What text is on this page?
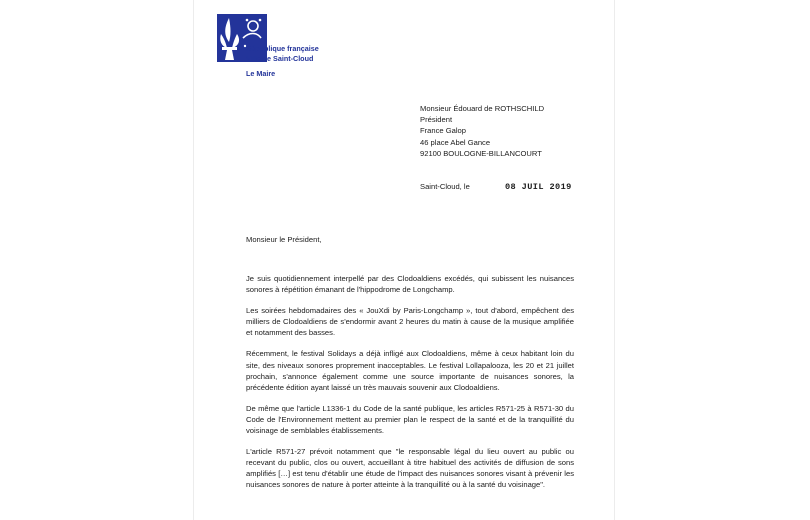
République française
Ville de Saint-Cloud
Le Maire
Monsieur Édouard de ROTHSCHILD
Président
France Galop
46 place Abel Gance
92100 BOULOGNE-BILLANCOURT
Saint-Cloud, le	08 JUIL 2019
Monsieur le Président,

Je suis quotidiennement interpellé par des Clodoaldiens excédés, qui subissent les nuisances sonores à répétition émanant de l'hippodrome de Longchamp.

Les soirées hebdomadaires des « JouXdi by Paris-Longchamp », tout d'abord, empêchent des milliers de Clodoaldiens de s'endormir avant 2 heures du matin à cause de la musique amplifiée et notamment des basses.

Récemment, le festival Solidays a déjà infligé aux Clodoaldiens, même à ceux habitant loin du site, des niveaux sonores proprement inacceptables. Le festival Lollapalooza, les 20 et 21 juillet prochain, s'annonce également comme une source importante de nuisances sonores, la précédente édition ayant laissé un très mauvais souvenir aux Clodoaldiens.

De même que l'article L1336-1 du Code de la santé publique, les articles R571-25 à R571-30 du Code de l'Environnement mettent au premier plan le respect de la santé et de la tranquillité du voisinage de semblables établissements.

L'article R571-27 prévoit notamment que "le responsable légal du lieu ouvert au public ou recevant du public, clos ou ouvert, accueillant à titre habituel des activités de diffusion de sons amplifiés […] est tenu d'établir une étude de l'impact des nuisances sonores visant à prévenir les nuisances sonores de nature à porter atteinte à la tranquillité ou à la santé du voisinage".
